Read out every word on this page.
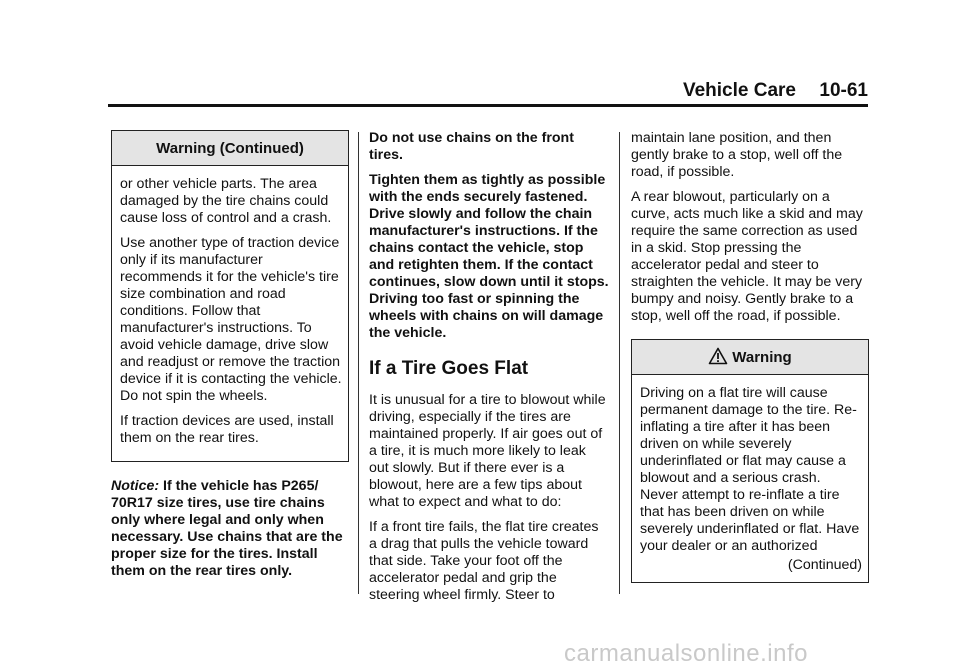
Vehicle Care 10-61
Warning (Continued)

or other vehicle parts. The area damaged by the tire chains could cause loss of control and a crash.

Use another type of traction device only if its manufacturer recommends it for the vehicle's tire size combination and road conditions. Follow that manufacturer's instructions. To avoid vehicle damage, drive slow and readjust or remove the traction device if it is contacting the vehicle. Do not spin the wheels.

If traction devices are used, install them on the rear tires.

Notice: If the vehicle has P265/ 70R17 size tires, use tire chains only where legal and only when necessary. Use chains that are the proper size for the tires. Install them on the rear tires only.

Do not use chains on the front tires.

Tighten them as tightly as possible with the ends securely fastened. Drive slowly and follow the chain manufacturer's instructions. If the chains contact the vehicle, stop and retighten them. If the contact continues, slow down until it stops. Driving too fast or spinning the wheels with chains on will damage the vehicle.

If a Tire Goes Flat

It is unusual for a tire to blowout while driving, especially if the tires are maintained properly. If air goes out of a tire, it is much more likely to leak out slowly. But if there ever is a blowout, here are a few tips about what to expect and what to do:

If a front tire fails, the flat tire creates a drag that pulls the vehicle toward that side. Take your foot off the accelerator pedal and grip the steering wheel firmly. Steer to

maintain lane position, and then gently brake to a stop, well off the road, if possible.

A rear blowout, particularly on a curve, acts much like a skid and may require the same correction as used in a skid. Stop pressing the accelerator pedal and steer to straighten the vehicle. It may be very bumpy and noisy. Gently brake to a stop, well off the road, if possible.

Warning

Driving on a flat tire will cause permanent damage to the tire. Re-inflating a tire after it has been driven on while severely underinflated or flat may cause a blowout and a serious crash. Never attempt to re-inflate a tire that has been driven on while severely underinflated or flat. Have your dealer or an authorized

(Continued)
carmanualsonline.info
